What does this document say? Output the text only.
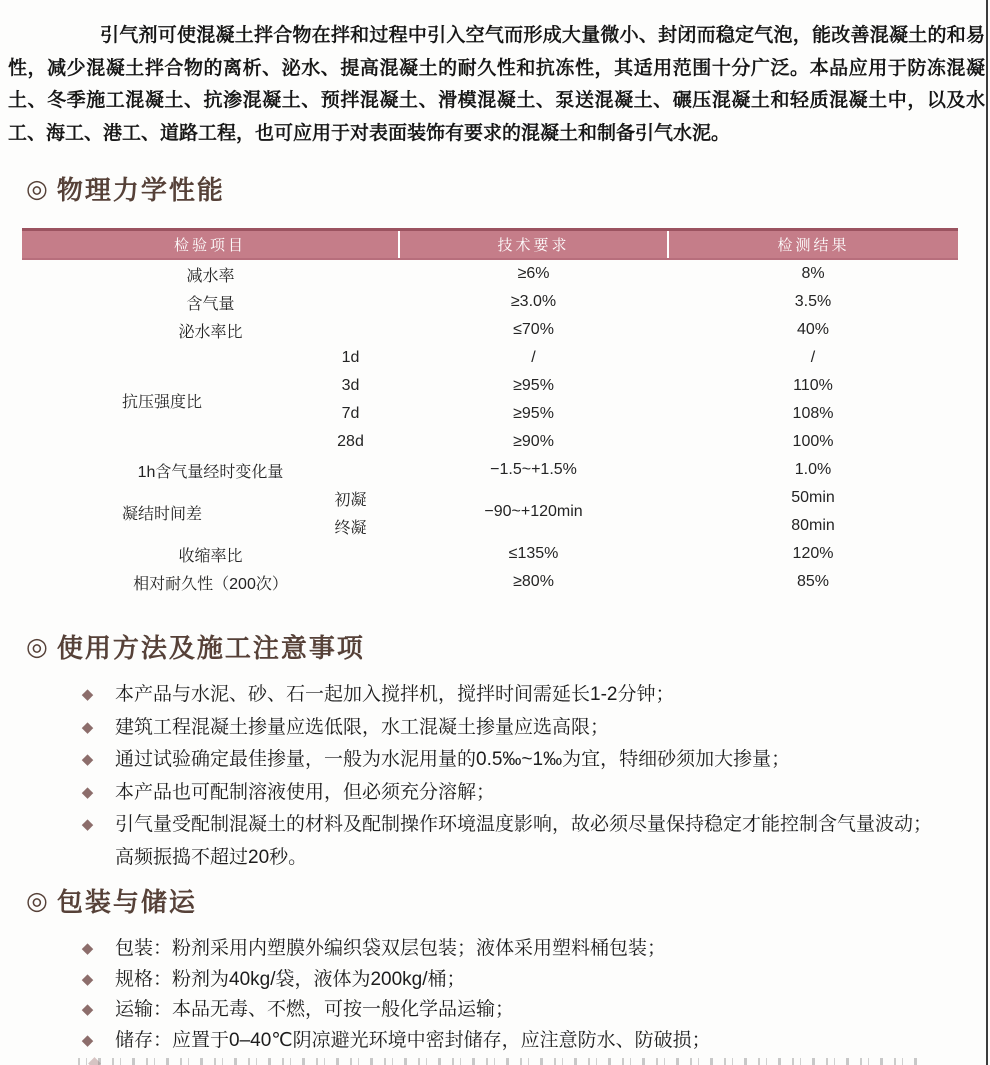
引气剂可使混凝土拌合物在拌和过程中引入空气而形成大量微小、封闭而稳定气泡，能改善混凝土的和易性，减少混凝土拌合物的离析、泌水、提高混凝土的耐久性和抗冻性，其适用范围十分广泛。本品应用于防冻混凝土、冬季施工混凝土、抗渗混凝土、预拌混凝土、滑模混凝土、泵送混凝土、碾压混凝土和轻质混凝土中，以及水工、海工、港工、道路工程，也可应用于对表面装饰有要求的混凝土和制备引气水泥。

◎ 物理力学性能
检验项目		技术要求	检测结果
减水率		≥6%	8%
含气量		≥3.0%	3.5%
泌水率比		≤70%	40%
抗压强度比	1d	/	/
	3d	≥95%	110%
	7d	≥95%	108%
	28d	≥90%	100%
1h含气量经时变化量		−1.5~+1.5%	1.0%
凝结时间差	初凝	−90~+120min	50min
	终凝		80min
收缩率比		≤135%	120%
相对耐久性（200次）		≥80%	85%
◎ 使用方法及施工注意事项
◆ 本产品与水泥、砂、石一起加入搅拌机，搅拌时间需延长1-2分钟；
◆ 建筑工程混凝土掺量应选低限，水工混凝土掺量应选高限；
◆ 通过试验确定最佳掺量，一般为水泥用量的0.5‰~1‰为宜，特细砂须加大掺量；
◆ 本产品也可配制溶液使用，但必须充分溶解；
◆ 引气量受配制混凝土的材料及配制操作环境温度影响，故必须尽量保持稳定才能控制含气量波动；
高频振捣不超过20秒。
◎ 包装与储运
◆ 包装：粉剂采用内塑膜外编织袋双层包装；液体采用塑料桶包装；
◆ 规格：粉剂为40kg/袋，液体为200kg/桶；
◆ 运输：本品无毒、不燃，可按一般化学品运输；
◆ 储存：应置于0–40℃阴凉避光环境中密封储存，应注意防水、防破损；
